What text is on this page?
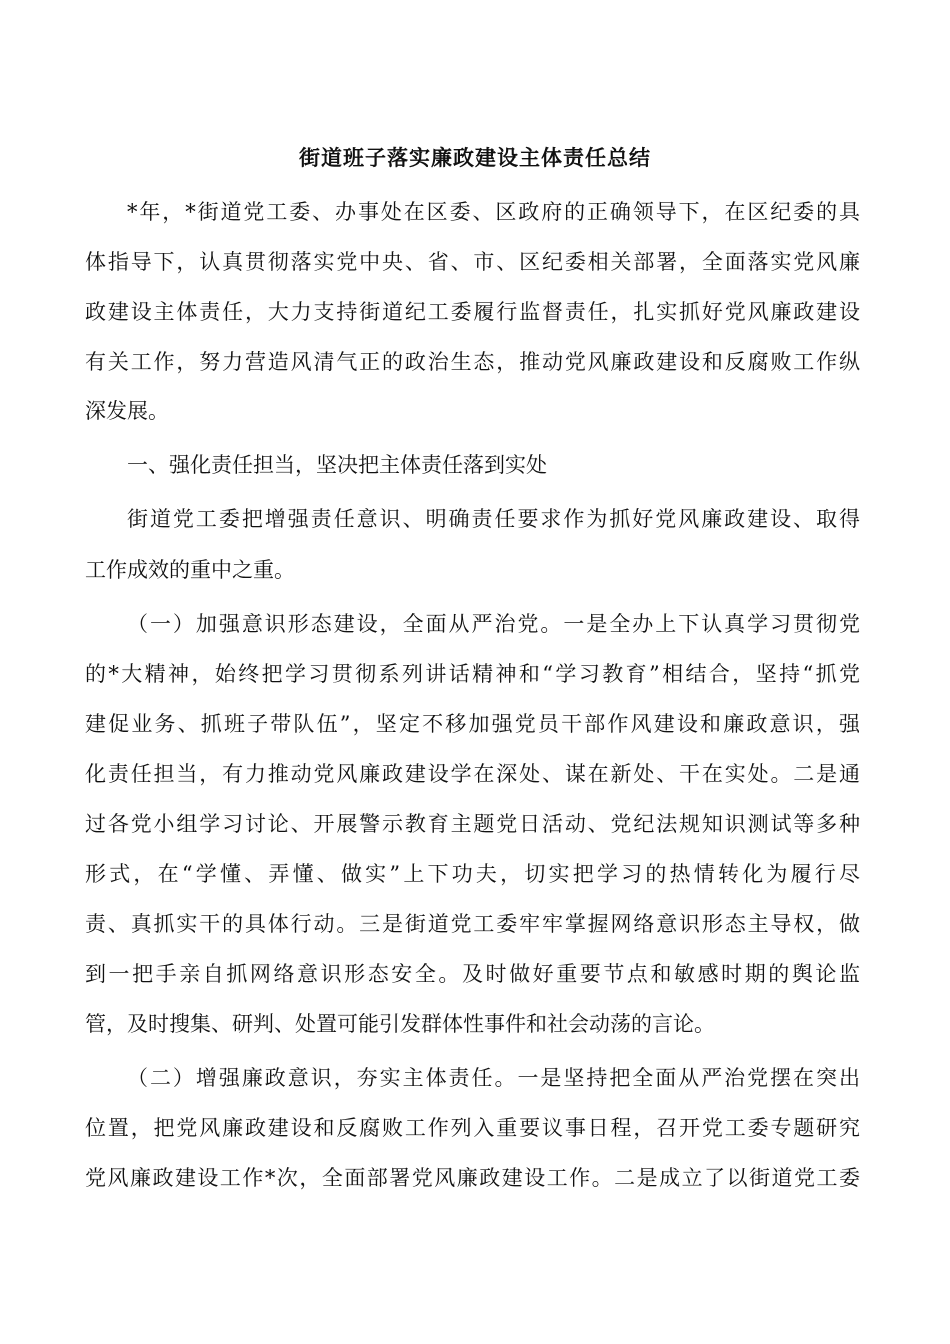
街道班子落实廉政建设主体责任总结
*年，*街道党工委、办事处在区委、区政府的正确领导下，在区纪委的具
体指导下，认真贯彻落实党中央、省、市、区纪委相关部署，全面落实党风廉
政建设主体责任，大力支持街道纪工委履行监督责任，扎实抓好党风廉政建设
有关工作，努力营造风清气正的政治生态，推动党风廉政建设和反腐败工作纵
深发展。
一、强化责任担当，坚决把主体责任落到实处
街道党工委把增强责任意识、明确责任要求作为抓好党风廉政建设、取得
工作成效的重中之重。
（一）加强意识形态建设，全面从严治党。一是全办上下认真学习贯彻党
的*大精神，始终把学习贯彻系列讲话精神和“学习教育”相结合，坚持“抓党
建促业务、抓班子带队伍”，坚定不移加强党员干部作风建设和廉政意识，强
化责任担当，有力推动党风廉政建设学在深处、谋在新处、干在实处。二是通
过各党小组学习讨论、开展警示教育主题党日活动、党纪法规知识测试等多种
形式，在“学懂、弄懂、做实”上下功夫，切实把学习的热情转化为履行尽
责、真抓实干的具体行动。三是街道党工委牢牢掌握网络意识形态主导权，做
到一把手亲自抓网络意识形态安全。及时做好重要节点和敏感时期的舆论监
管，及时搜集、研判、处置可能引发群体性事件和社会动荡的言论。
（二）增强廉政意识，夯实主体责任。一是坚持把全面从严治党摆在突出
位置，把党风廉政建设和反腐败工作列入重要议事日程，召开党工委专题研究
党风廉政建设工作*次，全面部署党风廉政建设工作。二是成立了以街道党工委
